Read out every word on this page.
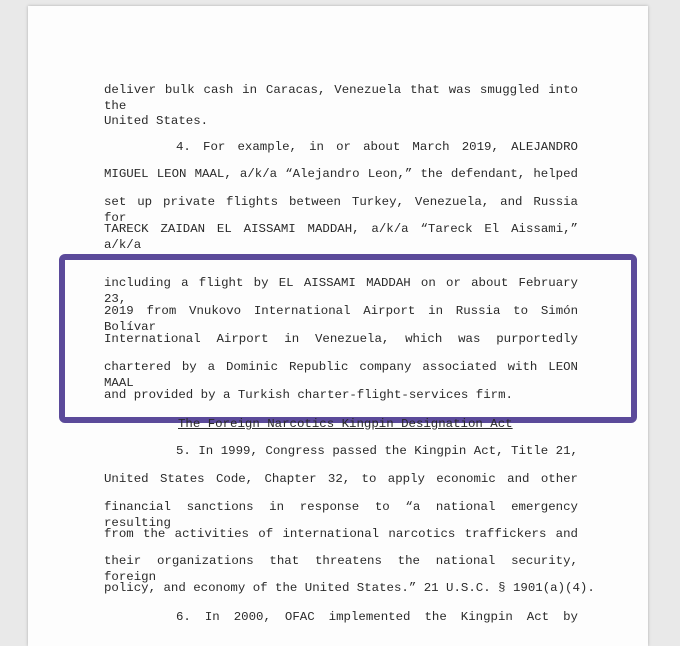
deliver bulk cash in Caracas, Venezuela that was smuggled into the
United States.
4. For example, in or about March 2019, ALEJANDRO
MIGUEL LEON MAAL, a/k/a “Alejandro Leon,” the defendant, helped
set up private flights between Turkey, Venezuela, and Russia for
TARECK ZAIDAN EL AISSAMI MADDAH, a/k/a “Tareck El Aissami,” a/k/a
including a flight by EL AISSAMI MADDAH on or about February 23,
2019 from Vnukovo International Airport in Russia to Simón Bolívar
International Airport in Venezuela, which was purportedly
chartered by a Dominic Republic company associated with LEON MAAL
and provided by a Turkish charter-flight-services firm.
The Foreign Narcotics Kingpin Designation Act
5. In 1999, Congress passed the Kingpin Act, Title 21,
United States Code, Chapter 32, to apply economic and other
financial sanctions in response to “a national emergency resulting
from the activities of international narcotics traffickers and
their organizations that threatens the national security, foreign
policy, and economy of the United States.” 21 U.S.C. § 1901(a)(4).
6. In 2000, OFAC implemented the Kingpin Act by
